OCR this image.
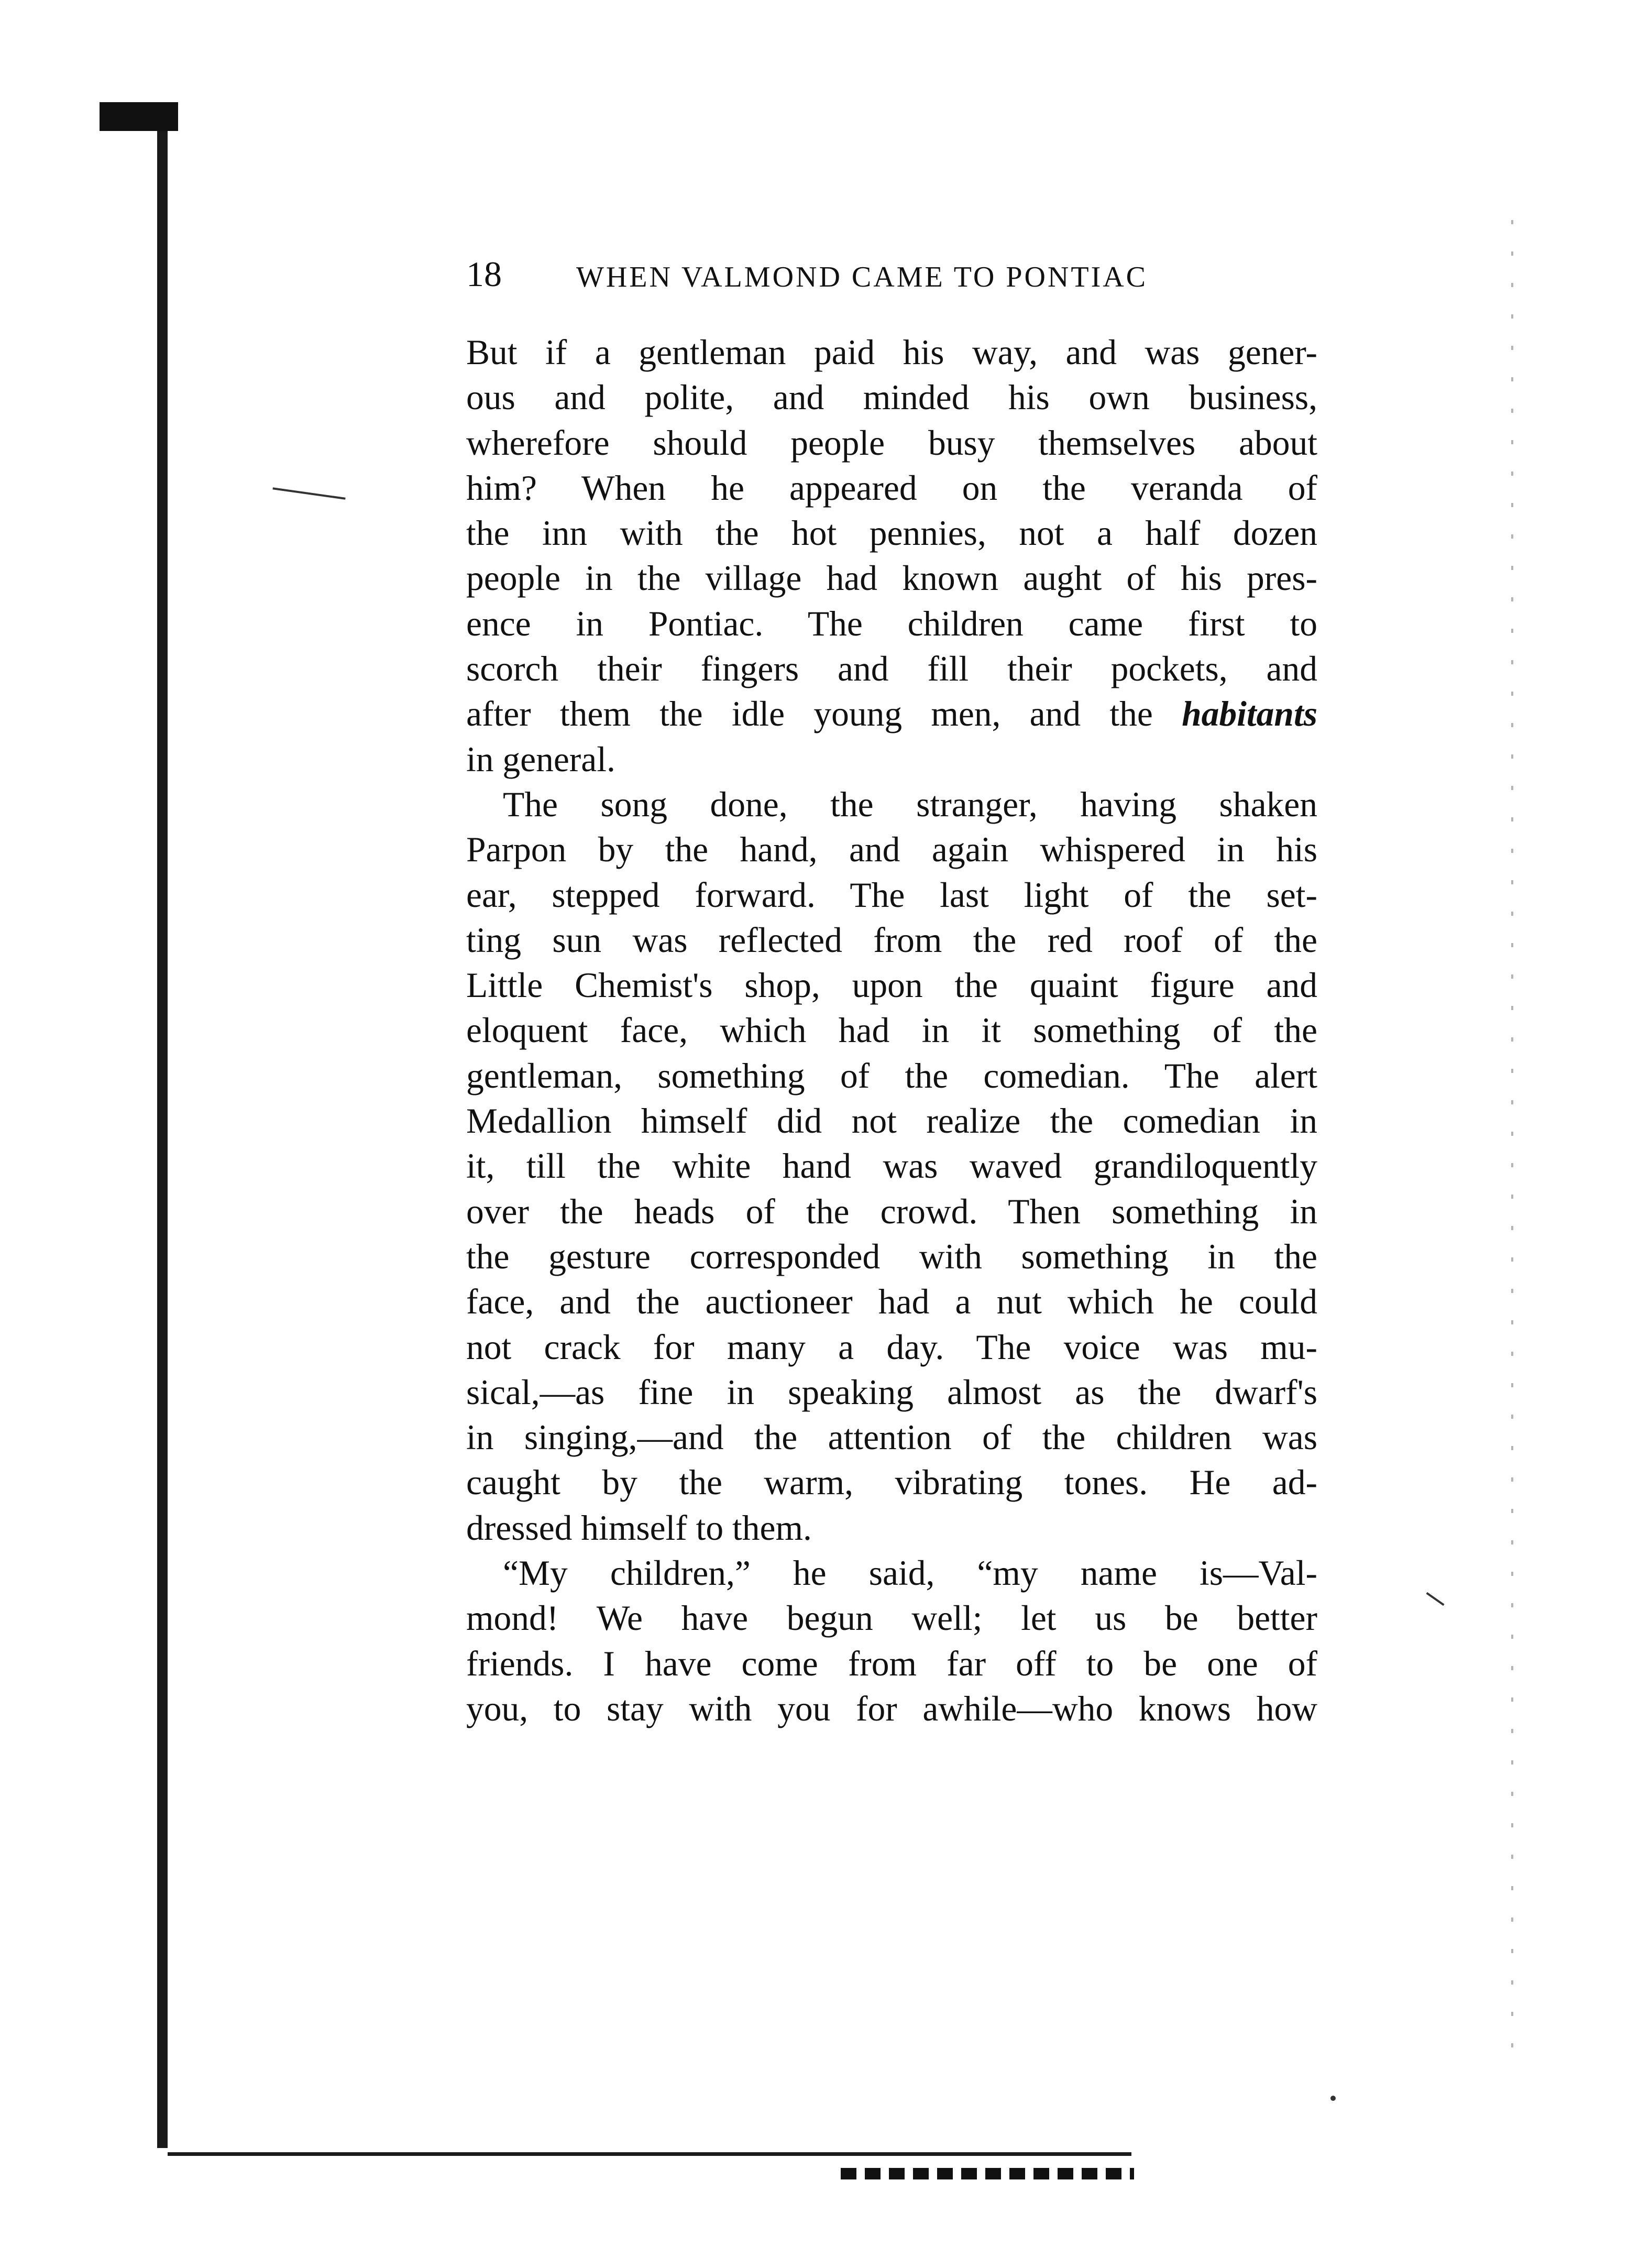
18	WHEN VALMOND CAME TO PONTIAC
But if a gentleman paid his way, and was gener-
ous and polite, and minded his own business,
wherefore should people busy themselves about
him? When he appeared on the veranda of
the inn with the hot pennies, not a half dozen
people in the village had known aught of his pres-
ence in Pontiac. The children came first to
scorch their fingers and fill their pockets, and
after them the idle young men, and the habitants
in general.
The song done, the stranger, having shaken
Parpon by the hand, and again whispered in his
ear, stepped forward. The last light of the set-
ting sun was reflected from the red roof of the
Little Chemist's shop, upon the quaint figure and
eloquent face, which had in it something of the
gentleman, something of the comedian. The alert
Medallion himself did not realize the comedian in
it, till the white hand was waved grandiloquently
over the heads of the crowd. Then something in
the gesture corresponded with something in the
face, and the auctioneer had a nut which he could
not crack for many a day. The voice was mu-
sical,—as fine in speaking almost as the dwarf's
in singing,—and the attention of the children was
caught by the warm, vibrating tones. He ad-
dressed himself to them.
“My children,” he said, “my name is—Val-
mond! We have begun well; let us be better
friends. I have come from far off to be one of
you, to stay with you for awhile—who knows how
